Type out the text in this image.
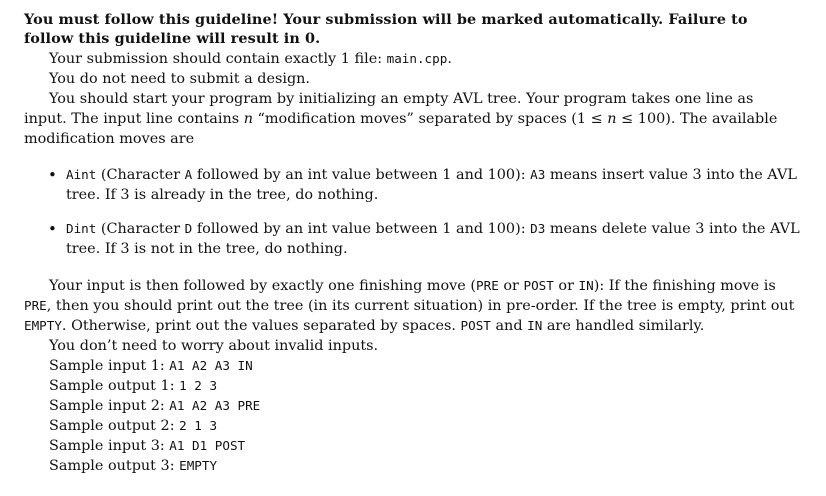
You must follow this guideline! Your submission will be marked automatically. Failure to
follow this guideline will result in 0.
Your submission should contain exactly 1 file: main.cpp.
You do not need to submit a design.
You should start your program by initializing an empty AVL tree. Your program takes one line as
input. The input line contains n “modification moves” separated by spaces (1 ≤ n ≤ 100). The available
modification moves are
• Aint (Character A followed by an int value between 1 and 100): A3 means insert value 3 into the AVL
tree. If 3 is already in the tree, do nothing.
• Dint (Character D followed by an int value between 1 and 100): D3 means delete value 3 into the AVL
tree. If 3 is not in the tree, do nothing.
Your input is then followed by exactly one finishing move (PRE or POST or IN): If the finishing move is
PRE, then you should print out the tree (in its current situation) in pre-order. If the tree is empty, print out
EMPTY. Otherwise, print out the values separated by spaces. POST and IN are handled similarly.
You don’t need to worry about invalid inputs.
Sample input 1: A1 A2 A3 IN
Sample output 1: 1 2 3
Sample input 2: A1 A2 A3 PRE
Sample output 2: 2 1 3
Sample input 3: A1 D1 POST
Sample output 3: EMPTY
